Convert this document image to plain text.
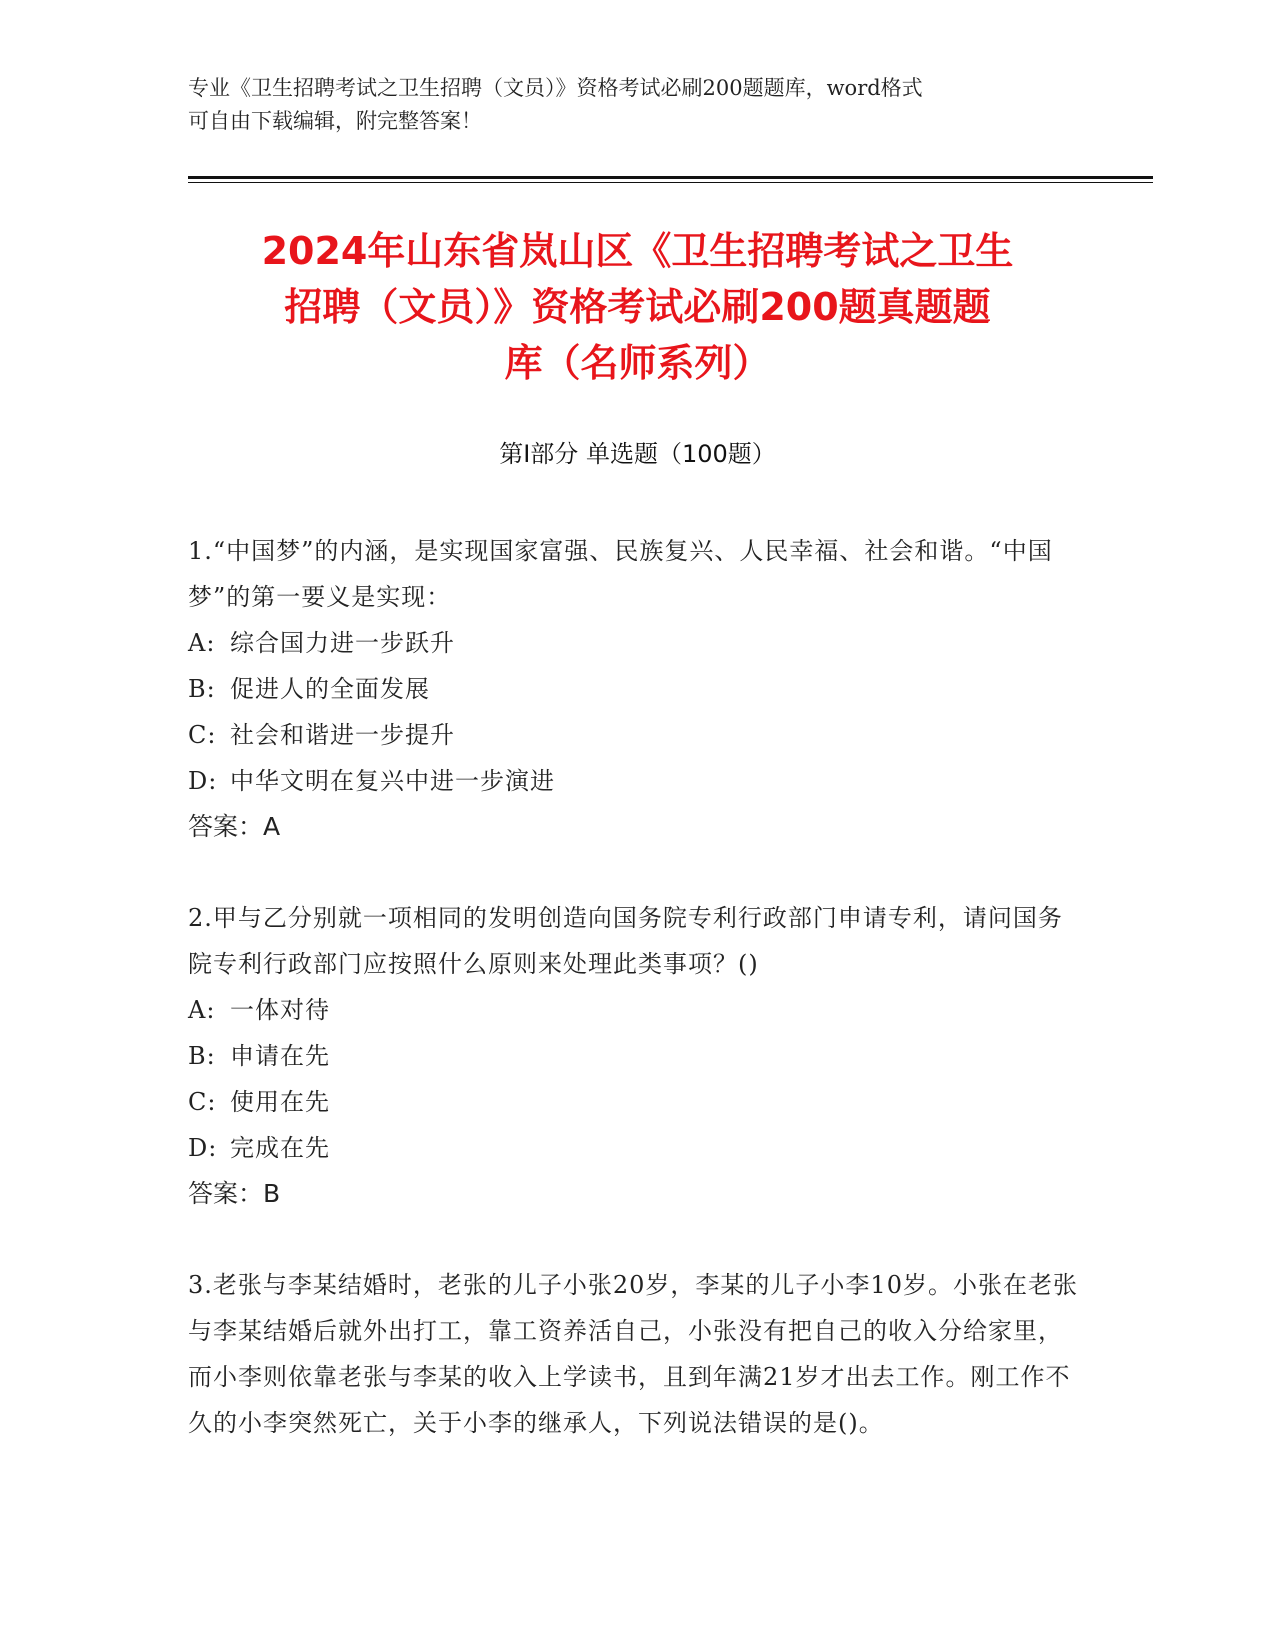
专业《卫生招聘考试之卫生招聘（文员）》资格考试必刷200题题库，word格式
可自由下载编辑，附完整答案！
2024年山东省岚山区《卫生招聘考试之卫生
招聘（文员）》资格考试必刷200题真题题
库（名师系列）
第Ⅰ部分 单选题（100题）
1.“中国梦”的内涵，是实现国家富强、民族复兴、人民幸福、社会和谐。“中国梦”的第一要义是实现：
A: 综合国力进一步跃升
B: 促进人的全面发展
C: 社会和谐进一步提升
D: 中华文明在复兴中进一步演进
答案：A
2.甲与乙分别就一项相同的发明创造向国务院专利行政部门申请专利，请问国务院专利行政部门应按照什么原则来处理此类事项？()
A: 一体对待
B: 申请在先
C: 使用在先
D: 完成在先
答案：B
3.老张与李某结婚时，老张的儿子小张20岁，李某的儿子小李10岁。小张在老张与李某结婚后就外出打工，靠工资养活自己，小张没有把自己的收入分给家里，而小李则依靠老张与李某的收入上学读书，且到年满21岁才出去工作。刚工作不久的小李突然死亡，关于小李的继承人，下列说法错误的是()。
